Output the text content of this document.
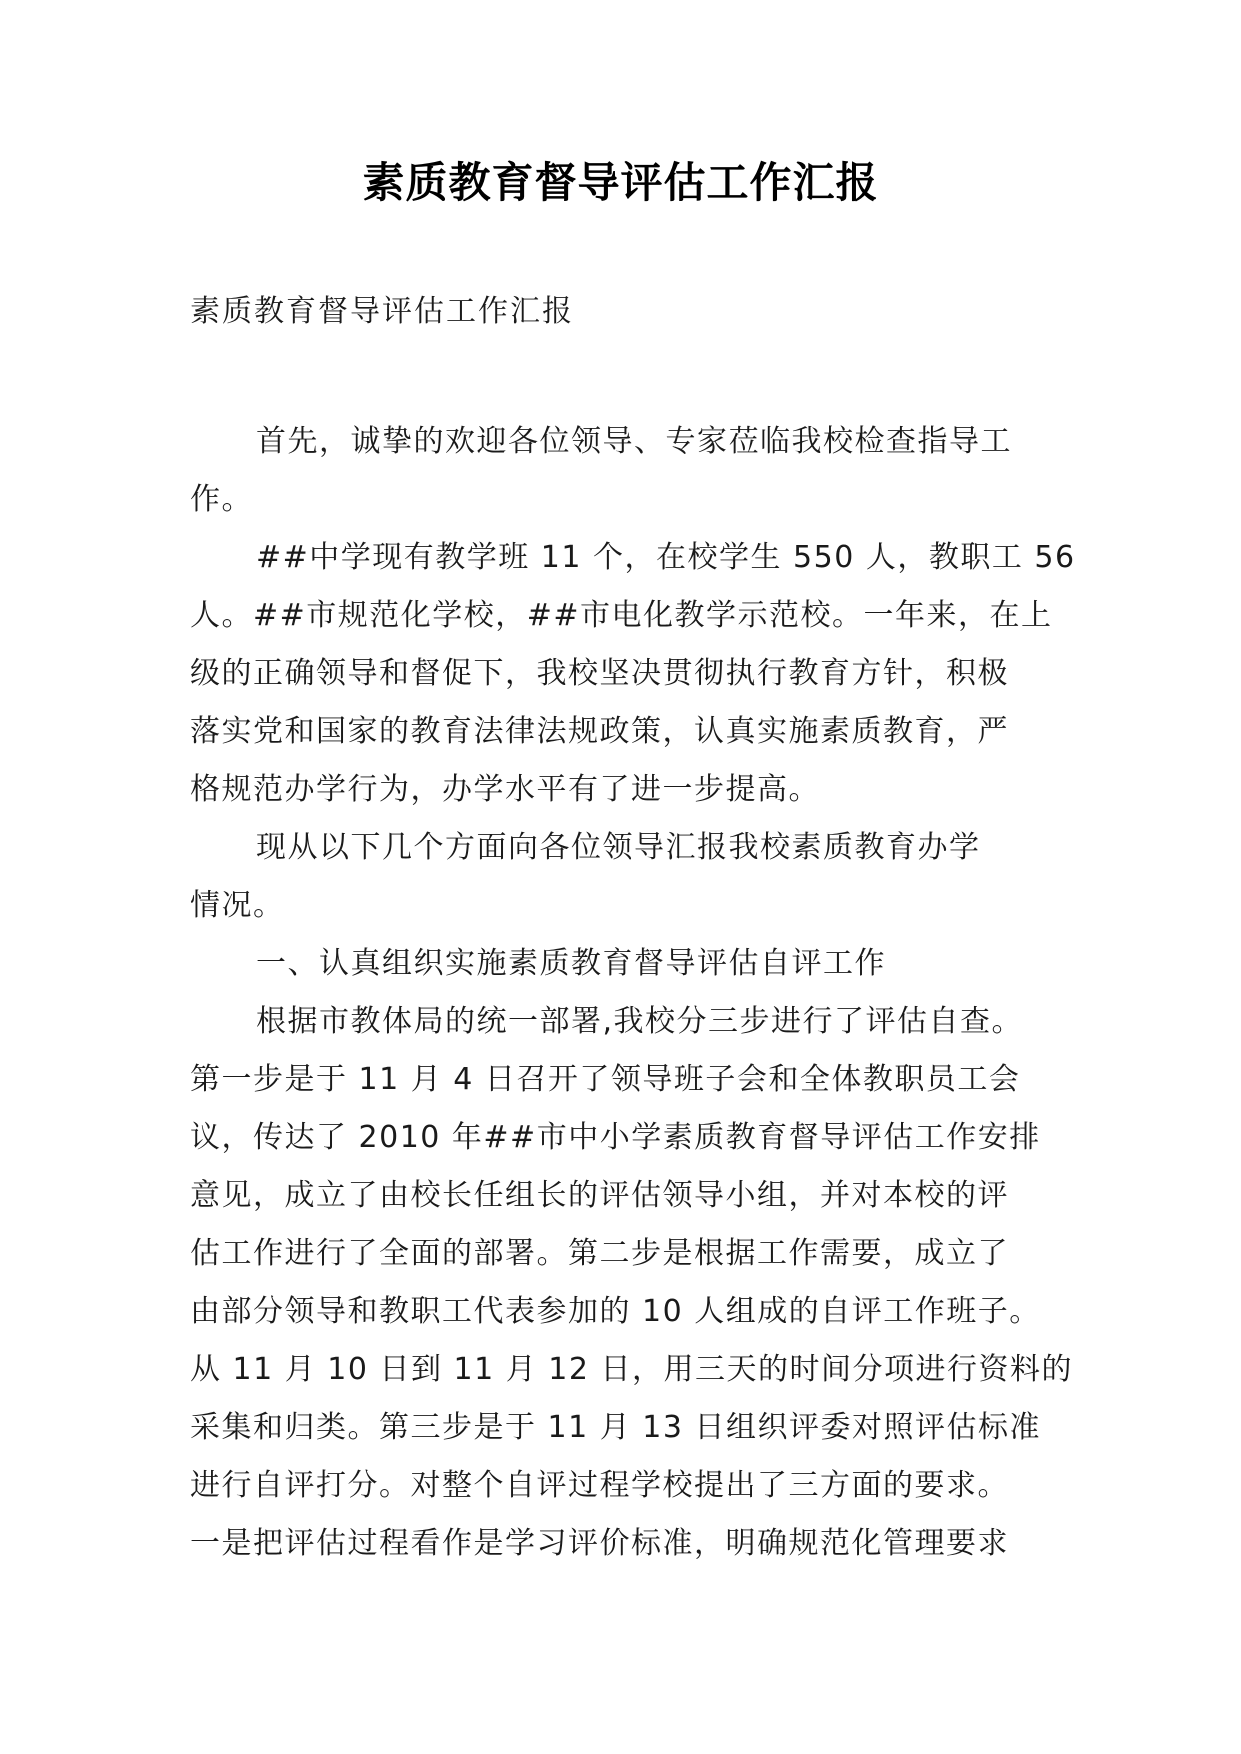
素质教育督导评估工作汇报
素质教育督导评估工作汇报
首先，诚挚的欢迎各位领导、专家莅临我校检查指导工
作。
##中学现有教学班 11 个，在校学生 550 人，教职工 56
人。##市规范化学校，##市电化教学示范校。一年来，在上
级的正确领导和督促下，我校坚决贯彻执行教育方针，积极
落实党和国家的教育法律法规政策，认真实施素质教育，严
格规范办学行为，办学水平有了进一步提高。
现从以下几个方面向各位领导汇报我校素质教育办学
情况。
一、认真组织实施素质教育督导评估自评工作
根据市教体局的统一部署,我校分三步进行了评估自查。
第一步是于 11 月 4 日召开了领导班子会和全体教职员工会
议，传达了 2010 年##市中小学素质教育督导评估工作安排
意见，成立了由校长任组长的评估领导小组，并对本校的评
估工作进行了全面的部署。第二步是根据工作需要，成立了
由部分领导和教职工代表参加的 10 人组成的自评工作班子。
从 11 月 10 日到 11 月 12 日，用三天的时间分项进行资料的
采集和归类。第三步是于 11 月 13 日组织评委对照评估标准
进行自评打分。对整个自评过程学校提出了三方面的要求。
一是把评估过程看作是学习评价标准，明确规范化管理要求
